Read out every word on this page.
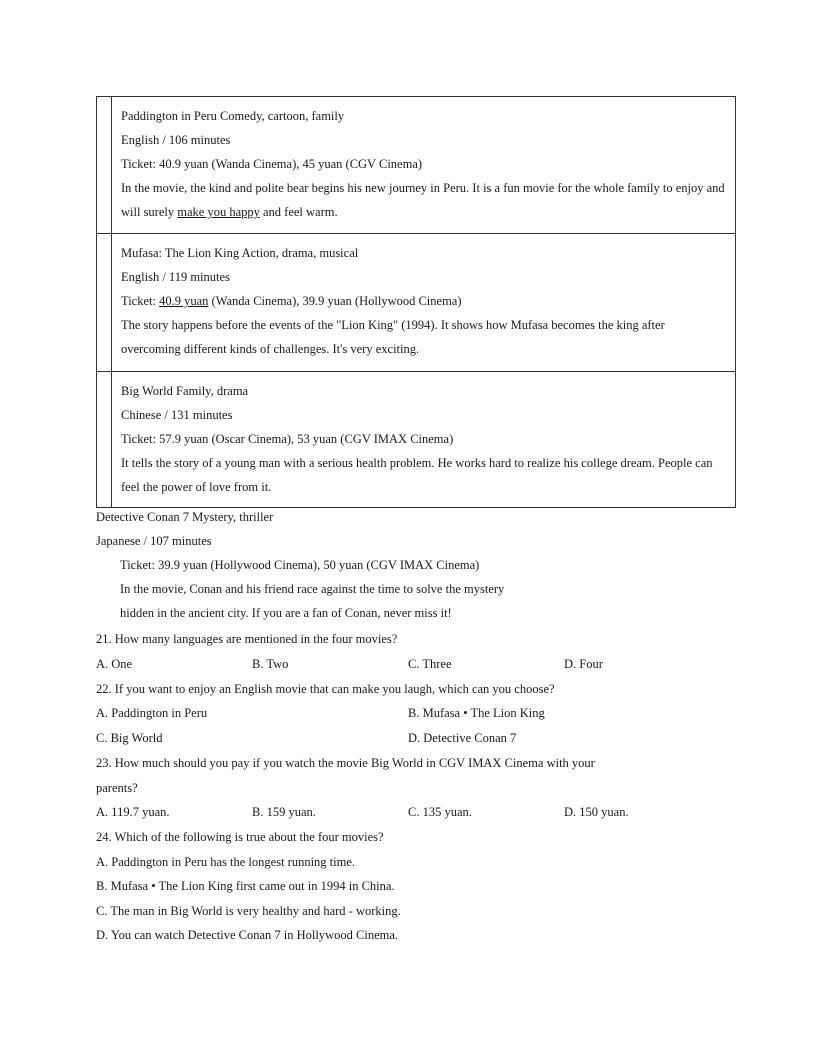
	Paddington in Peru Comedy, cartoon, family
English / 106 minutes
Ticket: 40.9 yuan (Wanda Cinema), 45 yuan (CGV Cinema)
In the movie, the kind and polite bear begins his new journey in Peru. It is a fun movie for the whole family to enjoy and will surely make you happy and feel warm.

	Mufasa: The Lion King Action, drama, musical
English / 119 minutes
Ticket: 40.9 yuan (Wanda Cinema), 39.9 yuan (Hollywood Cinema)
The story happens before the events of the "Lion King" (1994). It shows how Mufasa becomes the king after overcoming different kinds of challenges. It's very exciting.

	Big World Family, drama
Chinese / 131 minutes
Ticket: 57.9 yuan (Oscar Cinema), 53 yuan (CGV IMAX Cinema)
It tells the story of a young man with a serious health problem. He works hard to realize his college dream. People can feel the power of love from it.
Detective Conan 7 Mystery, thriller
Japanese / 107 minutes
Ticket: 39.9 yuan (Hollywood Cinema), 50 yuan (CGV IMAX Cinema)
In the movie, Conan and his friend race against the time to solve the mystery
hidden in the ancient city. If you are a fan of Conan, never miss it!
21. How many languages are mentioned in the four movies?
A. One	B. Two	C. Three	D. Four
22. If you want to enjoy an English movie that can make you laugh, which can you choose?
A. Paddington in Peru	B. Mufasa • The Lion King
C. Big World	D. Detective Conan 7
23. How much should you pay if you watch the movie Big World in CGV IMAX Cinema with your
parents?
A. 119.7 yuan.	B. 159 yuan.	C. 135 yuan.	D. 150 yuan.
24. Which of the following is true about the four movies?
A. Paddington in Peru has the longest running time.
B. Mufasa • The Lion King first came out in 1994 in China.
C. The man in Big World is very healthy and hard - working.
D. You can watch Detective Conan 7 in Hollywood Cinema.
